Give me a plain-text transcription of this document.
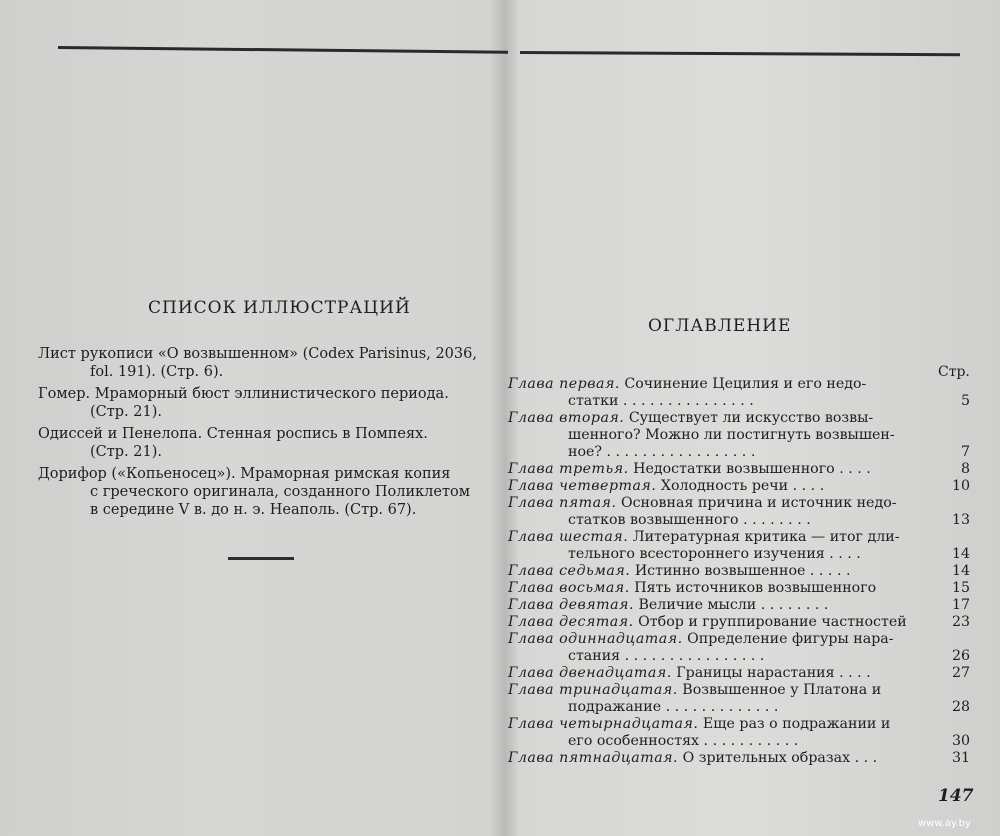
СПИСОК ИЛЛЮСТРАЦИЙ
Лист рукописи «О возвышенном» (Codex Parisinus, 2036,
fol. 191). (Стр. 6).
Гомер. Мраморный бюст эллинистического периода.
(Стр. 21).
Одиссей и Пенелопа. Стенная роспись в Помпеях.
(Стр. 21).
Дорифор («Копьеносец»). Мраморная римская копия
с греческого оригинала, созданного Поликлетом
в середине V в. до н. э. Неаполь. (Стр. 67).
ОГЛАВЛЕНИЕ
Стр.
Глава первая. Сочинение Цецилия и его недо-
статки . . . . . . . . . . . . . . .	5
Глава вторая. Существует ли искусство возвы-
шенного? Можно ли постигнуть возвышен-
ное? . . . . . . . . . . . . . . . . .	7
Глава третья. Недостатки возвышенного . . . .	8
Глава четвертая. Холодность речи . . . .	10
Глава пятая. Основная причина и источник недо-
статков возвышенного . . . . . . . .	13
Глава шестая. Литературная критика — итог дли-
тельного всестороннего изучения . . . .	14
Глава седьмая. Истинно возвышенное . . . . .	14
Глава восьмая. Пять источников возвышенного	15
Глава девятая. Величие мысли . . . . . . . .	17
Глава десятая. Отбор и группирование частностей	23
Глава одиннадцатая. Определение фигуры нара-
стания . . . . . . . . . . . . . . . .	26
Глава двенадцатая. Границы нарастания . . . .	27
Глава тринадцатая. Возвышенное у Платона и
подражание . . . . . . . . . . . . .	28
Глава четырнадцатая. Еще раз о подражании и
его особенностях . . . . . . . . . . .	30
Глава пятнадцатая. О зрительных образах . . .	31
147
www.ay.by
